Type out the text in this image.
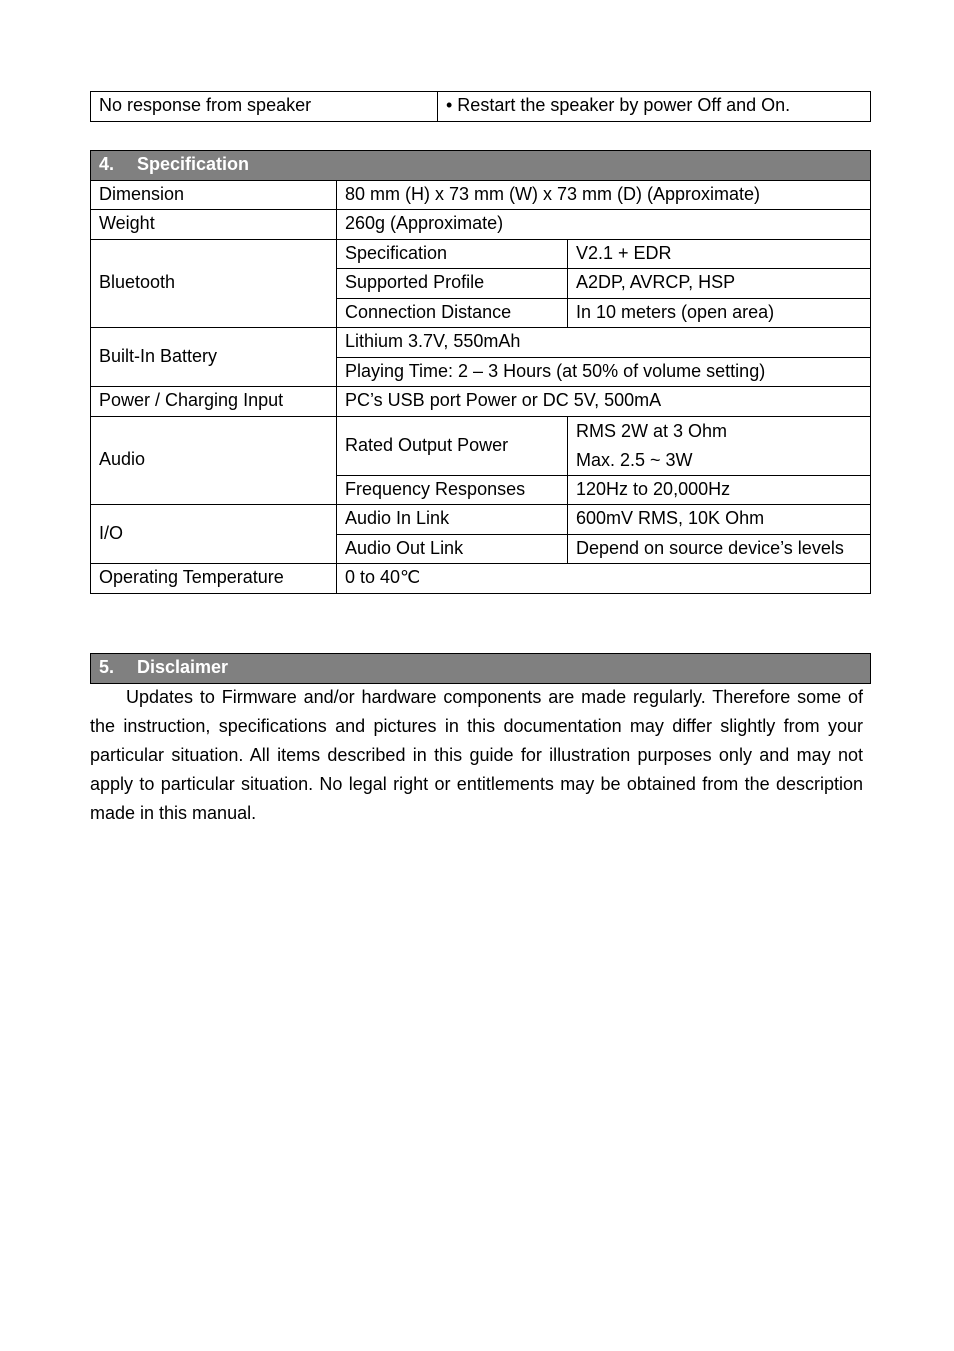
No response from speaker	• Restart the speaker by power Off and On.
4. Specification		
Dimension	80 mm (H) x 73 mm (W) x 73 mm (D) (Approximate)	
Weight	260g (Approximate)	
Bluetooth	Specification	V2.1 + EDR
	Supported Profile	A2DP, AVRCP, HSP
	Connection Distance	In 10 meters (open area)
Built-In Battery	Lithium 3.7V, 550mAh	
	Playing Time: 2 – 3 Hours (at 50% of volume setting)	
Power / Charging Input	PC’s USB port Power or DC 5V, 500mA	
Audio	Rated Output Power	RMS 2W at 3 Ohm
Max. 2.5 ~ 3W

	Frequency Responses	120Hz to 20,000Hz
I/O	Audio In Link	600mV RMS, 10K Ohm
	Audio Out Link	Depend on source device’s levels
Operating Temperature	0 to 40℃	
5. Disclaimer
Updates to Firmware and/or hardware components are made regularly. Therefore some of the instruction, specifications and pictures in this documentation may differ slightly from your particular situation. All items described in this guide for illustration purposes only and may not apply to particular situation. No legal right or entitlements may be obtained from the description made in this manual.
